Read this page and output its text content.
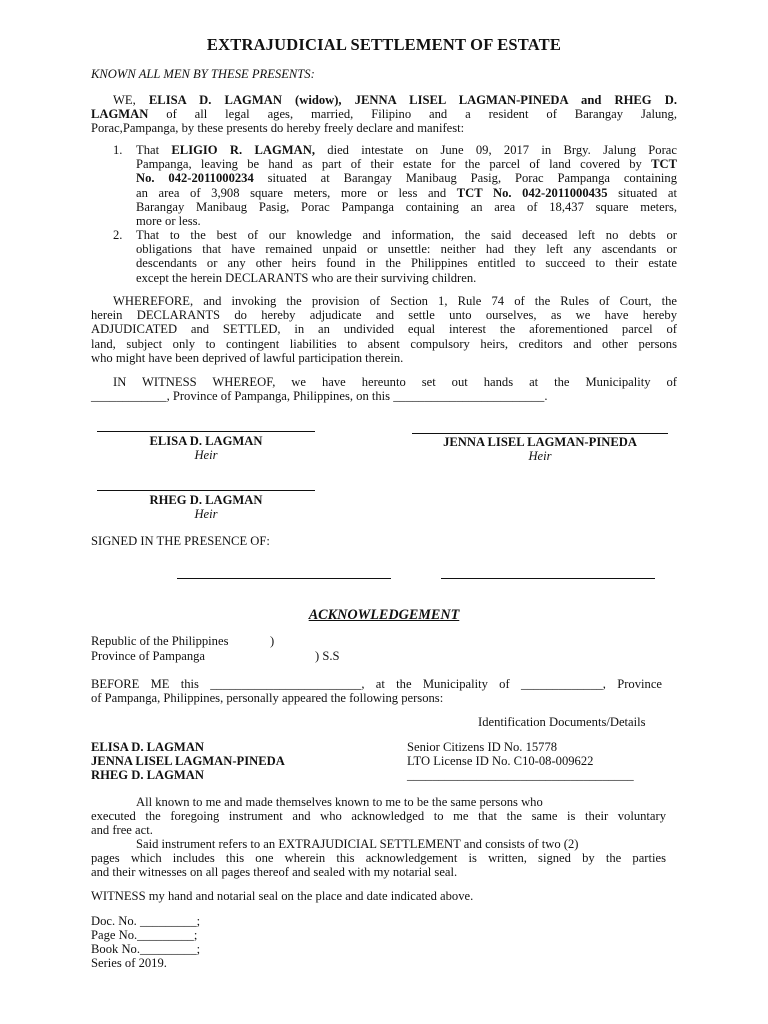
EXTRAJUDICIAL SETTLEMENT OF ESTATE
KNOWN ALL MEN BY THESE PRESENTS:
WE, ELISA D. LAGMAN (widow), JENNA LISEL LAGMAN-PINEDA and RHEG D.
LAGMAN of all legal ages, married, Filipino and a resident of Barangay Jalung,
Porac,Pampanga, by these presents do hereby freely declare and manifest:
1. That ELIGIO R. LAGMAN, died intestate on June 09, 2017 in Brgy. Jalung Porac
Pampanga, leaving be hand as part of their estate for the parcel of land covered by TCT
No. 042-2011000234 situated at Barangay Manibaug Pasig, Porac Pampanga containing
an area of 3,908 square meters, more or less and TCT No. 042-2011000435 situated at
Barangay Manibaug Pasig, Porac Pampanga containing an area of 18,437 square meters,
more or less.
2. That to the best of our knowledge and information, the said deceased left no debts or
obligations that have remained unpaid or unsettle: neither had they left any ascendants or
descendants or any other heirs found in the Philippines entitled to succeed to their estate
except the herein DECLARANTS who are their surviving children.
WHEREFORE, and invoking the provision of Section 1, Rule 74 of the Rules of Court, the
herein DECLARANTS do hereby adjudicate and settle unto ourselves, as we have hereby
ADJUDICATED and SETTLED, in an undivided equal interest the aforementioned parcel of
land, subject only to contingent liabilities to absent compulsory heirs, creditors and other persons
who might have been deprived of lawful participation therein.
IN WITNESS WHEREOF, we have hereunto set out hands at the Municipality of
____________, Province of Pampanga, Philippines, on this ________________________.
ELISA D. LAGMAN
Heir
JENNA LISEL LAGMAN-PINEDA
Heir
RHEG D. LAGMAN
Heir
SIGNED IN THE PRESENCE OF:
ACKNOWLEDGEMENT
Republic of the Philippines	)
Province of Pampanga	) S.S
BEFORE ME this ________________________, at the Municipality of _____________, Province
of Pampanga, Philippines, personally appeared the following persons:
Identification Documents/Details
ELISA D. LAGMAN
JENNA LISEL LAGMAN-PINEDA
RHEG D. LAGMAN
Senior Citizens ID No. 15778
LTO License ID No. C10-08-009622
____________________________________
All known to me and made themselves known to me to be the same persons who
executed the foregoing instrument and who acknowledged to me that the same is their voluntary
and free act.
Said instrument refers to an EXTRAJUDICIAL SETTLEMENT and consists of two (2)
pages which includes this one wherein this acknowledgement is written, signed by the parties
and their witnesses on all pages thereof and sealed with my notarial seal.
WITNESS my hand and notarial seal on the place and date indicated above.
Doc. No. _________;
Page No._________;
Book No._________;
Series of 2019.
